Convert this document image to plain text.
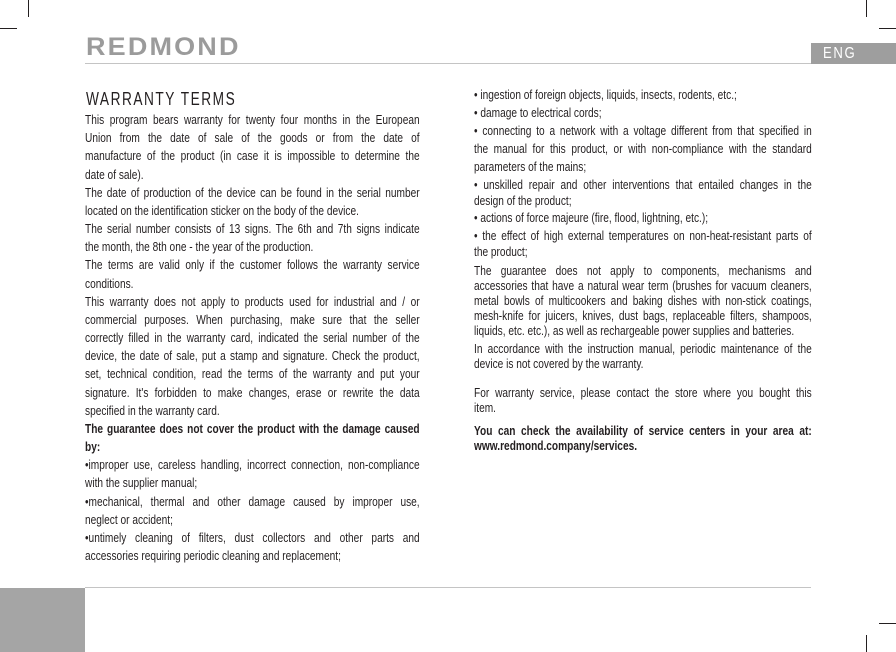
REDMOND	ENG
WARRANTY TERMS
This program bears warranty for twenty four months in the European
Union from the date of sale of the goods or from the date of
manufacture of the product (in case it is impossible to determine the
date of sale).
The date of production of the device can be found in the serial number
located on the identification sticker on the body of the device.
The serial number consists of 13 signs. The 6th and 7th signs indicate
the month, the 8th one - the year of the production.
The terms are valid only if the customer follows the warranty service
conditions.
This warranty does not apply to products used for industrial and / or
commercial purposes. When purchasing, make sure that the seller
correctly filled in the warranty card, indicated the serial number of the
device, the date of sale, put a stamp and signature. Check the product,
set, technical condition, read the terms of the warranty and put your
signature. It's forbidden to make changes, erase or rewrite the data
specified in the warranty card.
The guarantee does not cover the product with the damage caused
by:
•improper use, careless handling, incorrect connection, non-compliance
with the supplier manual;
•mechanical, thermal and other damage caused by improper use,
neglect or accident;
•untimely cleaning of filters, dust collectors and other parts and
accessories requiring periodic cleaning and replacement;
• ingestion of foreign objects, liquids, insects, rodents, etc.;
• damage to electrical cords;
• connecting to a network with a voltage different from that specified in
the manual for this product, or with non-compliance with the standard
parameters of the mains;
• unskilled repair and other interventions that entailed changes in the
design of the product;
• actions of force majeure (fire, flood, lightning, etc.);
• the effect of high external temperatures on non-heat-resistant parts of
the product;
The guarantee does not apply to components, mechanisms and
accessories that have a natural wear term (brushes for vacuum cleaners,
metal bowls of multicookers and baking dishes with non-stick coatings,
mesh-knife for juicers, knives, dust bags, replaceable filters, shampoos,
liquids, etc. etc.), as well as rechargeable power supplies and batteries.
In accordance with the instruction manual, periodic maintenance of the
device is not covered by the warranty.
For warranty service, please contact the store where you bought this
item.
You can check the availability of service centers in your area at:
www.redmond.company/services.
